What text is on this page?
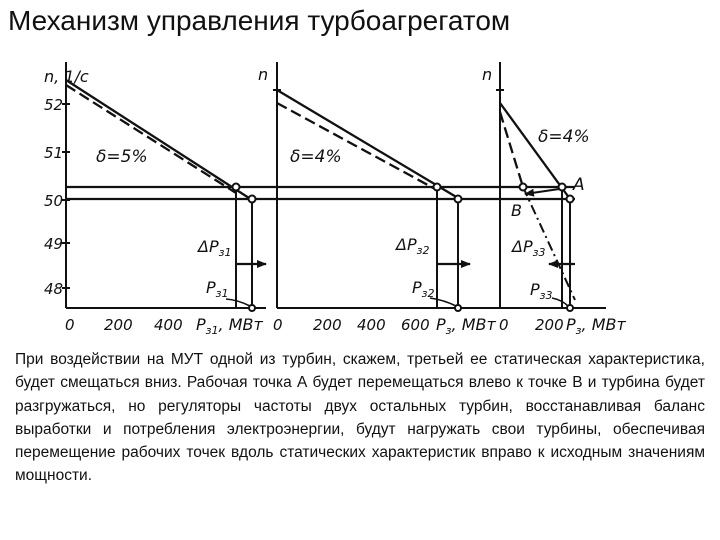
Механизм управления турбоагрегатом
n, 1/c	n	n
52
51
50
49
48
0 200 400 $P_{з1}$, МВт 0 200 400 600 $P_з$, МВт 0 200 $P_з$, МВт
δ=5%	δ=4%
δ=4%
A
B
$\Delta P_{з1}$	$\Delta P_{з2}$	$\Delta P_{з3}$
$P_{з1}$	$P_{з2}$	$P_{з3}$
При воздействии на МУТ одной из турбин, скажем, третьей ее статическая характеристика, будет смещаться вниз. Рабочая точка А будет перемещаться влево к точке В и турбина будет разгружаться, но регуляторы частоты двух остальных турбин, восстанавливая баланс выработки и потребления электроэнергии, будут нагружать свои турбины, обеспечивая перемещение рабочих точек вдоль статических характеристик вправо к исходным значениям мощности.
